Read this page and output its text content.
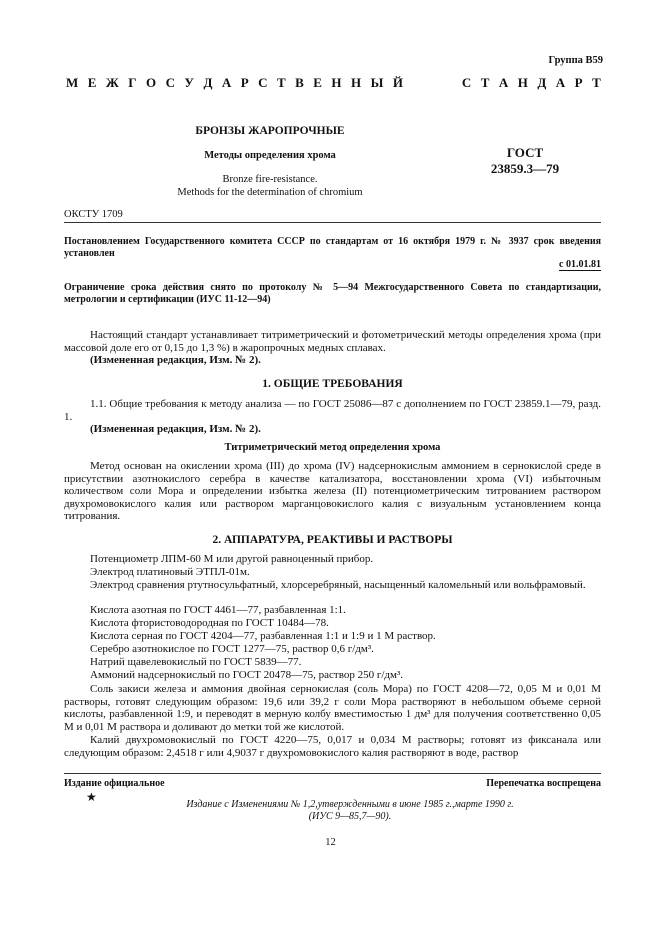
Группа В59
М Е Ж Г О С У Д А Р С Т В Е Н Н Ы Й	С Т А Н Д А Р Т
БРОНЗЫ ЖАРОПРОЧНЫЕ
Методы определения хрома
Bronze fire-resistance.
Methods for the determination of chromium
ГОСТ
23859.3—79
ОКСТУ 1709
Постановлением Государственного комитета СССР по стандартам от 16 октября 1979 г. № 3937 срок введения установлен
с 01.01.81
Ограничение срока действия снято по протоколу № 5—94 Межгосударственного Совета по стандартизации, метрологии и сертификации (ИУС 11-12—94)
Настоящий стандарт устанавливает титриметрический и фотометрический методы определения хрома (при массовой доле его от 0,15 до 1,3 %) в жаропрочных медных сплавах.
(Измененная редакция, Изм. № 2).
1. ОБЩИЕ ТРЕБОВАНИЯ
1.1. Общие требования к методу анализа — по ГОСТ 25086—87 с дополнением по ГОСТ 23859.1—79, разд. 1.
(Измененная редакция, Изм. № 2).
Титриметрический метод определения хрома
Метод основан на окислении хрома (III) до хрома (IV) надсернокислым аммонием в сернокислой среде в присутствии азотнокислого серебра в качестве катализатора, восстановлении хрома (VI) избыточным количеством соли Мора и определении избытка железа (II) потенциометрическим титрованием раствором двухромовокислого калия или раствором марганцовокислого калия с визуальным установлением конца титрования.
2. АППАРАТУРА, РЕАКТИВЫ И РАСТВОРЫ
Потенциометр ЛПМ-60 М или другой равноценный прибор.
Электрод платиновый ЭТПЛ-01м.
Электрод сравнения ртутносульфатный, хлорсеребряный, насыщенный каломельный или вольфрамовый.
Кислота азотная по ГОСТ 4461—77, разбавленная 1:1.
Кислота фтористоводородная по ГОСТ 10484—78.
Кислота серная по ГОСТ 4204—77, разбавленная 1:1 и 1:9 и 1 М раствор.
Серебро азотнокислое по ГОСТ 1277—75, раствор 0,6 г/дм³.
Натрий щавелевокислый по ГОСТ 5839—77.
Аммоний надсернокислый по ГОСТ 20478—75, раствор 250 г/дм³.
Соль закиси железа и аммония двойная сернокислая (соль Мора) по ГОСТ 4208—72, 0,05 М и 0,01 М растворы, готовят следующим образом: 19,6 или 39,2 г соли Мора растворяют в небольшом объеме серной кислоты, разбавленной 1:9, и переводят в мерную колбу вместимостью 1 дм³ для получения соответственно 0,05 М и 0,01 М раствора и доливают до метки той же кислотой.
Калий двухромовокислый по ГОСТ 4220—75, 0,017 и 0,034 М растворы; готовят из фиксанала или следующим образом: 2,4518 г или 4,9037 г двухромовокислого калия растворяют в воде, раствор
Издание официальное	Перепечатка воспрещена
★
Издание с Изменениями № 1,2,утвержденными в июне 1985 г.,марте 1990 г.
(ИУС 9—85,7—90).
12
